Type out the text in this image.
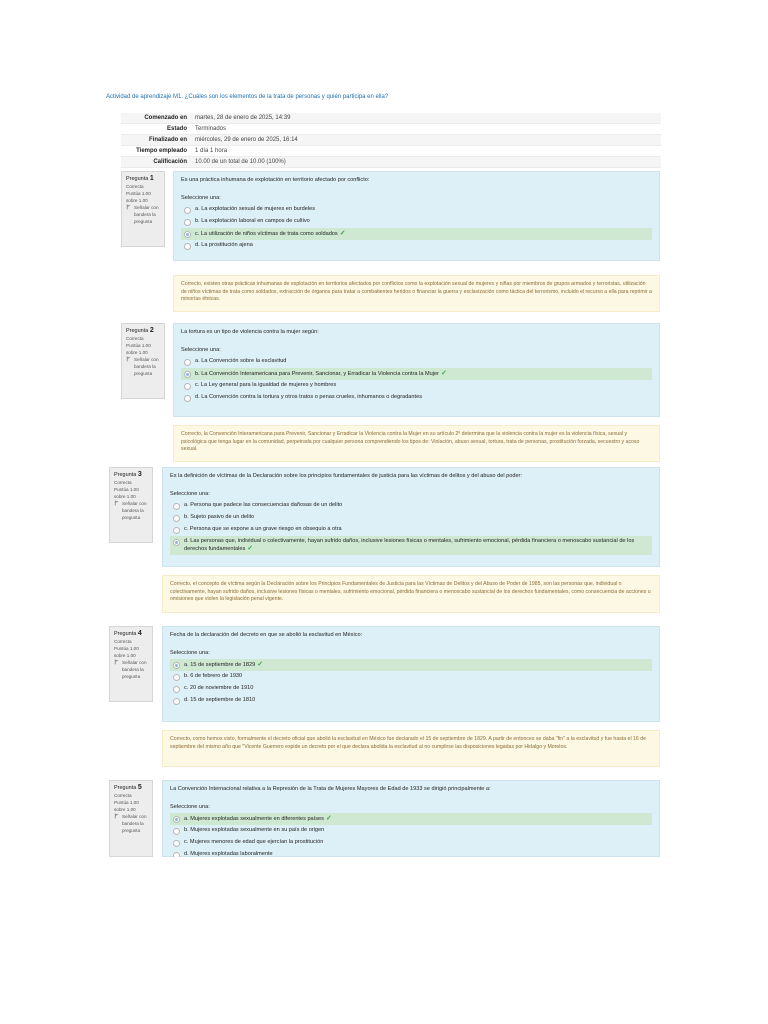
Actividad de aprendizaje M1. ¿Cuáles son los elementos de la trata de personas y quién participa en ella?
Comenzado en	martes, 28 de enero de 2025, 14:39
Estado	Terminados
Finalizado en	miércoles, 29 de enero de 2025, 16:14
Tiempo empleado	1 día 1 hora
Calificación	10.00 de un total de 10.00 (100%)
Pregunta 1
Correcta
Puntúa 1.00 sobre 1.00
Señalar con bandera la pregunta
Es una práctica inhumana de explotación en territorio afectado por conflicto:
Seleccione una:
a. La explotación sexual de mujeres en burdeles
b. La explotación laboral en campos de cultivo
c. La utilización de niños víctimas de trata como soldados ✓
d. La prostitución ajena
Correcto, existen otras prácticas inhumanas de explotación en territorios afectados por conflictos como la explotación sexual de mujeres y niñas por miembros de grupos armados y terroristas, utilización de niños víctimas de trata como soldados, extracción de órganos para tratar a combatientes heridos o financiar la guerra y esclavización como táctica del terrorismo, incluido el recurso a ella para reprimir a minorías étnicas.
Pregunta 2
Correcta
Puntúa 1.00 sobre 1.00
Señalar con bandera la pregunta
La tortura es un tipo de violencia contra la mujer según:
Seleccione una:
a. La Convención sobre la esclavitud
b. La Convención Interamericana para Prevenir, Sancionar, y Erradicar la Violencia contra la Mujer ✓
c. La Ley general para la igualdad de mujeres y hombres
d. La Convención contra la tortura y otros tratos o penas crueles, inhumanos o degradantes
Correcto, la Convención Interamericana para Prevenir, Sancionar y Erradicar la Violencia contra la Mujer en su artículo 2º determina que la violencia contra la mujer es la violencia física, sexual y psicológica que tenga lugar en la comunidad, perpetrada por cualquier persona comprendiendo los tipos de: Violación, abuso sexual, tortura, trata de personas, prostitución forzada, secuestro y acoso sexual.
Pregunta 3
Correcta
Puntúa 1.00 sobre 1.00
Señalar con bandera la pregunta
Es la definición de víctimas de la Declaración sobre los principios fundamentales de justicia para las víctimas de delitos y del abuso del poder:
Seleccione una:
a. Persona que padece las consecuencias dañosas de un delito
b. Sujeto pasivo de un delito
c. Persona que se expone a un grave riesgo en obsequio a otra
d. Las personas que, individual o colectivamente, hayan sufrido daños, inclusive lesiones físicas o mentales, sufrimiento emocional, pérdida financiera o menoscabo sustancial de los derechos fundamentales ✓
Correcto, el concepto de víctima según la Declaración sobre los Principios Fundamentales de Justicia para las Víctimas de Delitos y del Abuso de Poder de 1985, son las personas que, individual o colectivamente, hayan sufrido daños, inclusive lesiones físicas o mentales, sufrimiento emocional, pérdida financiera o menoscabo sustancial de los derechos fundamentales, como consecuencia de acciones u omisiones que violen la legislación penal vigente.
Pregunta 4
Correcta
Puntúa 1.00 sobre 1.00
Señalar con bandera la pregunta
Fecha de la declaración del decreto en que se abolió la esclavitud en México:
Seleccione una:
a. 15 de septiembre de 1829 ✓
b. 6 de febrero de 1930
c. 20 de noviembre de 1910
d. 15 de septiembre de 1810
Correcto, como hemos visto, formalmente el decreto oficial que abolió la esclavitud en México fue declarado el 15 de septiembre de 1829. A partir de entonces se daba "fin" a la esclavitud y fue hasta el 16 de septiembre del mismo año que "Vicente Guerrero expide un decreto por el que declara abolida la esclavitud al no cumplirse las disposiciones legadas por Hidalgo y Morelos.
Pregunta 5
Correcta
Puntúa 1.00 sobre 1.00
Señalar con bandera la pregunta
La Convención Internacional relativa a la Represión de la Trata de Mujeres Mayores de Edad de 1933 se dirigió principalmente a:
Seleccione una:
a. Mujeres explotadas sexualmente en diferentes países ✓
b. Mujeres explotadas sexualmente en su país de origen
c. Mujeres menores de edad que ejercían la prostitución
d. Mujeres explotadas laboralmente
